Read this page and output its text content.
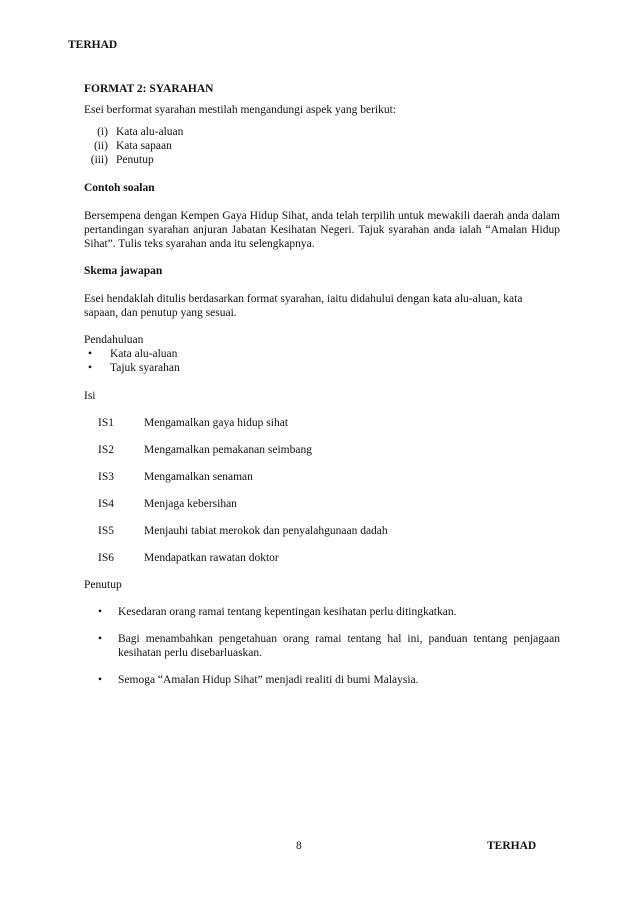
TERHAD
FORMAT 2: SYARAHAN
Esei berformat syarahan mestilah mengandungi aspek yang berikut:
(i) Kata alu-aluan
(ii) Kata sapaan
(iii) Penutup
Contoh soalan
Bersempena dengan Kempen Gaya Hidup Sihat, anda telah terpilih untuk mewakili daerah anda dalam pertandingan syarahan anjuran Jabatan Kesihatan Negeri. Tajuk syarahan anda ialah “Amalan Hidup Sihat”. Tulis teks syarahan anda itu selengkapnya.
Skema jawapan
Esei hendaklah ditulis berdasarkan format syarahan, iaitu didahului dengan kata alu-aluan, kata sapaan, dan penutup yang sesuai.
Pendahuluan
• Kata alu-aluan
• Tajuk syarahan
Isi
IS1	Mengamalkan gaya hidup sihat
IS2	Mengamalkan pemakanan seimbang
IS3	Mengamalkan senaman
IS4	Menjaga kebersihan
IS5	Menjauhi tabiat merokok dan penyalahgunaan dadah
IS6	Mendapatkan rawatan doktor
Penutup
• Kesedaran orang ramai tentang kepentingan kesihatan perlu ditingkatkan.
• Bagi menambahkan pengetahuan orang ramai tentang hal ini, panduan tentang penjagaan kesihatan perlu disebarluaskan.
• Semoga “Amalan Hidup Sihat” menjadi realiti di bumi Malaysia.
8	TERHAD
